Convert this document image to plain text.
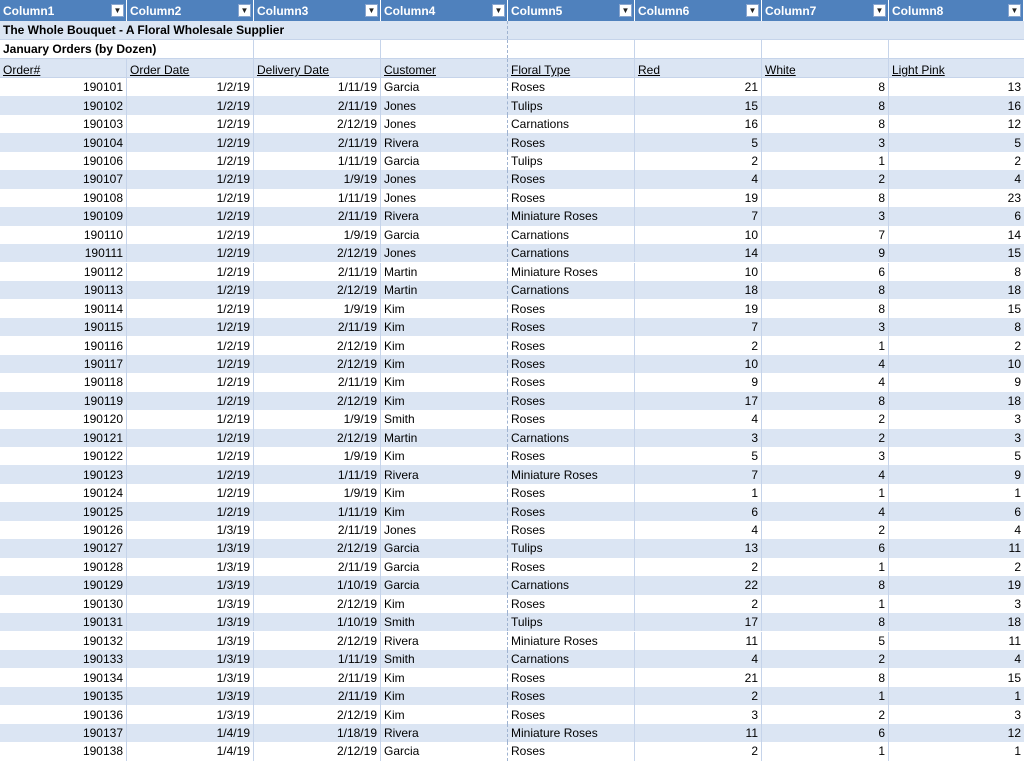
Column1	▼ Column2	▼ Column3	▼ Column4	▼ Column5	▼ Column6	▼ Column7	▼ Column8	▼
The Whole Bouquet - A Floral Wholesale Supplier
January Orders (by Dozen)
Order#	Order Date	Delivery Date	Customer	Floral Type	Red	White	Light Pink
190101	1/2/19	1/11/19 Garcia	Roses	21	8	13
190102	1/2/19	2/11/19 Jones	Tulips	15	8	16
190103	1/2/19	2/12/19 Jones	Carnations	16	8	12
190104	1/2/19	2/11/19 Rivera	Roses	5	3	5
190106	1/2/19	1/11/19 Garcia	Tulips	2	1	2
190107	1/2/19	1/9/19 Jones	Roses	4	2	4
190108	1/2/19	1/11/19 Jones	Roses	19	8	23
190109	1/2/19	2/11/19 Rivera	Miniature Roses	7	3	6
190110	1/2/19	1/9/19 Garcia	Carnations	10	7	14
190111	1/2/19	2/12/19 Jones	Carnations	14	9	15
190112	1/2/19	2/11/19 Martin	Miniature Roses	10	6	8
190113	1/2/19	2/12/19 Martin	Carnations	18	8	18
190114	1/2/19	1/9/19 Kim	Roses	19	8	15
190115	1/2/19	2/11/19 Kim	Roses	7	3	8
190116	1/2/19	2/12/19 Kim	Roses	2	1	2
190117	1/2/19	2/12/19 Kim	Roses	10	4	10
190118	1/2/19	2/11/19 Kim	Roses	9	4	9
190119	1/2/19	2/12/19 Kim	Roses	17	8	18
190120	1/2/19	1/9/19 Smith	Roses	4	2	3
190121	1/2/19	2/12/19 Martin	Carnations	3	2	3
190122	1/2/19	1/9/19 Kim	Roses	5	3	5
190123	1/2/19	1/11/19 Rivera	Miniature Roses	7	4	9
190124	1/2/19	1/9/19 Kim	Roses	1	1	1
190125	1/2/19	1/11/19 Kim	Roses	6	4	6
190126	1/3/19	2/11/19 Jones	Roses	4	2	4
190127	1/3/19	2/12/19 Garcia	Tulips	13	6	11
190128	1/3/19	2/11/19 Garcia	Roses	2	1	2
190129	1/3/19	1/10/19 Garcia	Carnations	22	8	19
190130	1/3/19	2/12/19 Kim	Roses	2	1	3
190131	1/3/19	1/10/19 Smith	Tulips	17	8	18
190132	1/3/19	2/12/19 Rivera	Miniature Roses	11	5	11
190133	1/3/19	1/11/19 Smith	Carnations	4	2	4
190134	1/3/19	2/11/19 Kim	Roses	21	8	15
190135	1/3/19	2/11/19 Kim	Roses	2	1	1
190136	1/3/19	2/12/19 Kim	Roses	3	2	3
190137	1/4/19	1/18/19 Rivera	Miniature Roses	11	6	12
190138	1/4/19	2/12/19 Garcia	Roses	2	1	1
